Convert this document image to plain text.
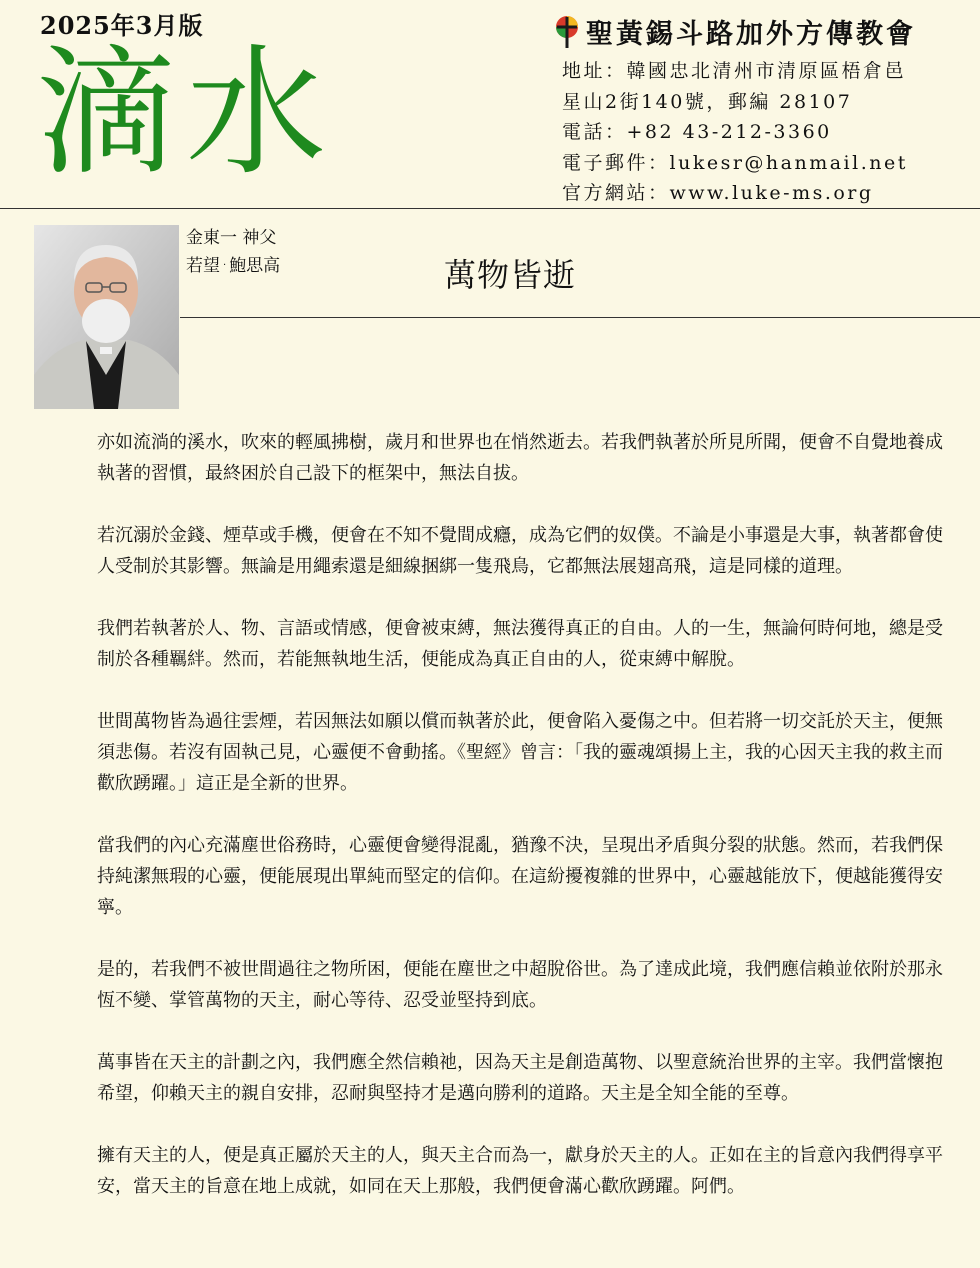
2025年3月版
滴水	聖黃錫斗路加外方傳教會
地址：韓國忠北清州市清原區梧倉邑
星山2街140號，郵編 28107
電話：+82 43-212-3360
電子郵件：lukesr@hanmail.net
官方網站：www.luke-ms.org
金東一 神父
若望 · 鮑思高	萬物皆逝

亦如流淌的溪水，吹來的輕風拂樹，歲月和世界也在悄然逝去。若我們執著於所見所聞，便會不自覺地養成執著的習慣，最終困於自己設下的框架中，無法自拔。

若沉溺於金錢、煙草或手機，便會在不知不覺間成癮，成為它們的奴僕。不論是小事還是大事，執著都會使人受制於其影響。無論是用繩索還是細線捆綁一隻飛鳥，它都無法展翅高飛，這是同樣的道理。

我們若執著於人、物、言語或情感，便會被束縛，無法獲得真正的自由。人的一生，無論何時何地，總是受制於各種羈絆。然而，若能無執地生活，便能成為真正自由的人，從束縛中解脫。

世間萬物皆為過往雲煙，若因無法如願以償而執著於此，便會陷入憂傷之中。但若將一切交託於天主，便無須悲傷。若沒有固執己見，心靈便不會動搖。《聖經》曾言：「我的靈魂頌揚上主，我的心因天主我的救主而歡欣踴躍。」這正是全新的世界。

當我們的內心充滿塵世俗務時，心靈便會變得混亂，猶豫不決，呈現出矛盾與分裂的狀態。然而，若我們保持純潔無瑕的心靈，便能展現出單純而堅定的信仰。在這紛擾複雜的世界中，心靈越能放下，便越能獲得安寧。

是的，若我們不被世間過往之物所困，便能在塵世之中超脫俗世。為了達成此境，我們應信賴並依附於那永恆不變、掌管萬物的天主，耐心等待、忍受並堅持到底。

萬事皆在天主的計劃之內，我們應全然信賴祂，因為天主是創造萬物、以聖意統治世界的主宰。我們當懷抱希望，仰賴天主的親自安排，忍耐與堅持才是邁向勝利的道路。天主是全知全能的至尊。

擁有天主的人，便是真正屬於天主的人，與天主合而為一，獻身於天主的人。正如在主的旨意內我們得享平安，當天主的旨意在地上成就，如同在天上那般，我們便會滿心歡欣踴躍。阿們。
